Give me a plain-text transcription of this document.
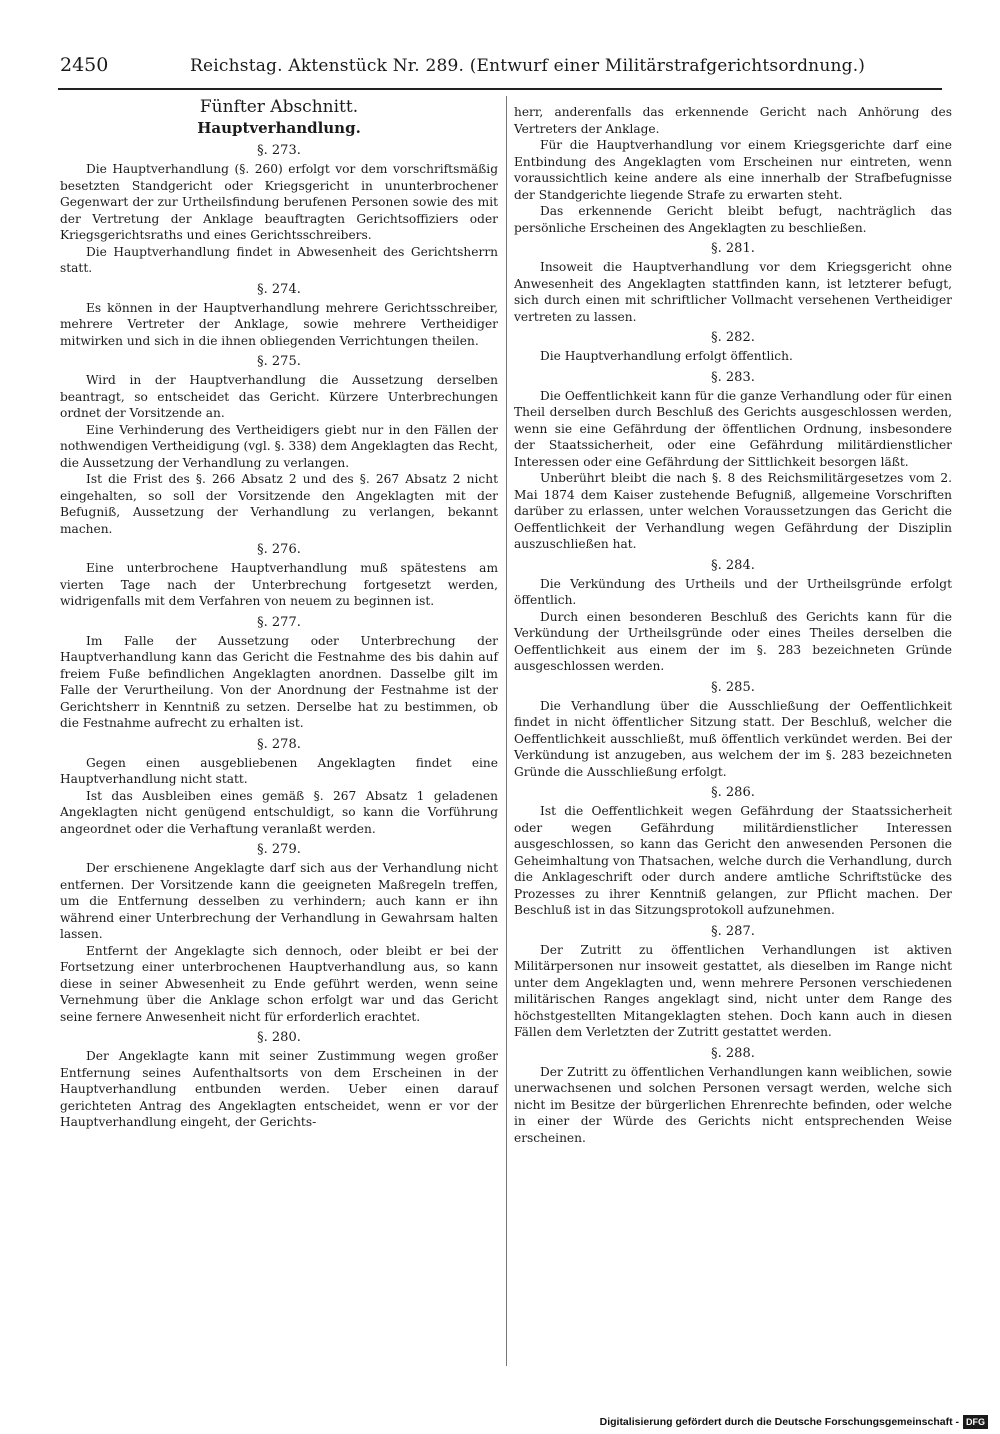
2450	Reichstag. Aktenstück Nr. 289. (Entwurf einer Militärstrafgerichtsordnung.)
Fünfter Abschnitt.
Hauptverhandlung.
§. 273.
Die Hauptverhandlung (§. 260) erfolgt vor dem vorschriftsmäßig besetzten Standgericht oder Kriegsgericht in ununterbrochener Gegenwart der zur Urtheilsfindung berufenen Personen sowie des mit der Vertretung der Anklage beauftragten Gerichtsoffiziers oder Kriegsgerichtsraths und eines Gerichtsschreibers.
Die Hauptverhandlung findet in Abwesenheit des Gerichtsherrn statt.
§. 274.
Es können in der Hauptverhandlung mehrere Gerichtsschreiber, mehrere Vertreter der Anklage, sowie mehrere Vertheidiger mitwirken und sich in die ihnen obliegenden Verrichtungen theilen.
§. 275.
Wird in der Hauptverhandlung die Aussetzung derselben beantragt, so entscheidet das Gericht. Kürzere Unterbrechungen ordnet der Vorsitzende an.
Eine Verhinderung des Vertheidigers giebt nur in den Fällen der nothwendigen Vertheidigung (vgl. §. 338) dem Angeklagten das Recht, die Aussetzung der Verhandlung zu verlangen.
Ist die Frist des §. 266 Absatz 2 und des §. 267 Absatz 2 nicht eingehalten, so soll der Vorsitzende den Angeklagten mit der Befugniß, Aussetzung der Verhandlung zu verlangen, bekannt machen.
§. 276.
Eine unterbrochene Hauptverhandlung muß spätestens am vierten Tage nach der Unterbrechung fortgesetzt werden, widrigenfalls mit dem Verfahren von neuem zu beginnen ist.
§. 277.
Im Falle der Aussetzung oder Unterbrechung der Hauptverhandlung kann das Gericht die Festnahme des bis dahin auf freiem Fuße befindlichen Angeklagten anordnen. Dasselbe gilt im Falle der Verurtheilung. Von der Anordnung der Festnahme ist der Gerichtsherr in Kenntniß zu setzen. Derselbe hat zu bestimmen, ob die Festnahme aufrecht zu erhalten ist.
§. 278.
Gegen einen ausgebliebenen Angeklagten findet eine Hauptverhandlung nicht statt.
Ist das Ausbleiben eines gemäß §. 267 Absatz 1 geladenen Angeklagten nicht genügend entschuldigt, so kann die Vorführung angeordnet oder die Verhaftung veranlaßt werden.
§. 279.
Der erschienene Angeklagte darf sich aus der Verhandlung nicht entfernen. Der Vorsitzende kann die geeigneten Maßregeln treffen, um die Entfernung desselben zu verhindern; auch kann er ihn während einer Unterbrechung der Verhandlung in Gewahrsam halten lassen.
Entfernt der Angeklagte sich dennoch, oder bleibt er bei der Fortsetzung einer unterbrochenen Hauptverhandlung aus, so kann diese in seiner Abwesenheit zu Ende geführt werden, wenn seine Vernehmung über die Anklage schon erfolgt war und das Gericht seine fernere Anwesenheit nicht für erforderlich erachtet.
§. 280.
Der Angeklagte kann mit seiner Zustimmung wegen großer Entfernung seines Aufenthaltsorts von dem Erscheinen in der Hauptverhandlung entbunden werden. Ueber einen darauf gerichteten Antrag des Angeklagten entscheidet, wenn er vor der Hauptverhandlung eingeht, der Gerichts-
herr, anderenfalls das erkennende Gericht nach Anhörung des Vertreters der Anklage.
Für die Hauptverhandlung vor einem Kriegsgerichte darf eine Entbindung des Angeklagten vom Erscheinen nur eintreten, wenn voraussichtlich keine andere als eine innerhalb der Strafbefugnisse der Standgerichte liegende Strafe zu erwarten steht.
Das erkennende Gericht bleibt befugt, nachträglich das persönliche Erscheinen des Angeklagten zu beschließen.
§. 281.
Insoweit die Hauptverhandlung vor dem Kriegsgericht ohne Anwesenheit des Angeklagten stattfinden kann, ist letzterer befugt, sich durch einen mit schriftlicher Vollmacht versehenen Vertheidiger vertreten zu lassen.
§. 282.
Die Hauptverhandlung erfolgt öffentlich.
§. 283.
Die Oeffentlichkeit kann für die ganze Verhandlung oder für einen Theil derselben durch Beschluß des Gerichts ausgeschlossen werden, wenn sie eine Gefährdung der öffentlichen Ordnung, insbesondere der Staatssicherheit, oder eine Gefährdung militärdienstlicher Interessen oder eine Gefährdung der Sittlichkeit besorgen läßt.
Unberührt bleibt die nach §. 8 des Reichsmilitärgesetzes vom 2. Mai 1874 dem Kaiser zustehende Befugniß, allgemeine Vorschriften darüber zu erlassen, unter welchen Voraussetzungen das Gericht die Oeffentlichkeit der Verhandlung wegen Gefährdung der Disziplin auszuschließen hat.
§. 284.
Die Verkündung des Urtheils und der Urtheilsgründe erfolgt öffentlich.
Durch einen besonderen Beschluß des Gerichts kann für die Verkündung der Urtheilsgründe oder eines Theiles derselben die Oeffentlichkeit aus einem der im §. 283 bezeichneten Gründe ausgeschlossen werden.
§. 285.
Die Verhandlung über die Ausschließung der Oeffentlichkeit findet in nicht öffentlicher Sitzung statt. Der Beschluß, welcher die Oeffentlichkeit ausschließt, muß öffentlich verkündet werden. Bei der Verkündung ist anzugeben, aus welchem der im §. 283 bezeichneten Gründe die Ausschließung erfolgt.
§. 286.
Ist die Oeffentlichkeit wegen Gefährdung der Staatssicherheit oder wegen Gefährdung militärdienstlicher Interessen ausgeschlossen, so kann das Gericht den anwesenden Personen die Geheimhaltung von Thatsachen, welche durch die Verhandlung, durch die Anklageschrift oder durch andere amtliche Schriftstücke des Prozesses zu ihrer Kenntniß gelangen, zur Pflicht machen. Der Beschluß ist in das Sitzungsprotokoll aufzunehmen.
§. 287.
Der Zutritt zu öffentlichen Verhandlungen ist aktiven Militärpersonen nur insoweit gestattet, als dieselben im Range nicht unter dem Angeklagten und, wenn mehrere Personen verschiedenen militärischen Ranges angeklagt sind, nicht unter dem Range des höchstgestellten Mitangeklagten stehen. Doch kann auch in diesen Fällen dem Verletzten der Zutritt gestattet werden.
§. 288.
Der Zutritt zu öffentlichen Verhandlungen kann weiblichen, sowie unerwachsenen und solchen Personen versagt werden, welche sich nicht im Besitze der bürgerlichen Ehrenrechte befinden, oder welche in einer der Würde des Gerichts nicht entsprechenden Weise erscheinen.
Digitalisierung gefördert durch die Deutsche Forschungsgemeinschaft - DFG
